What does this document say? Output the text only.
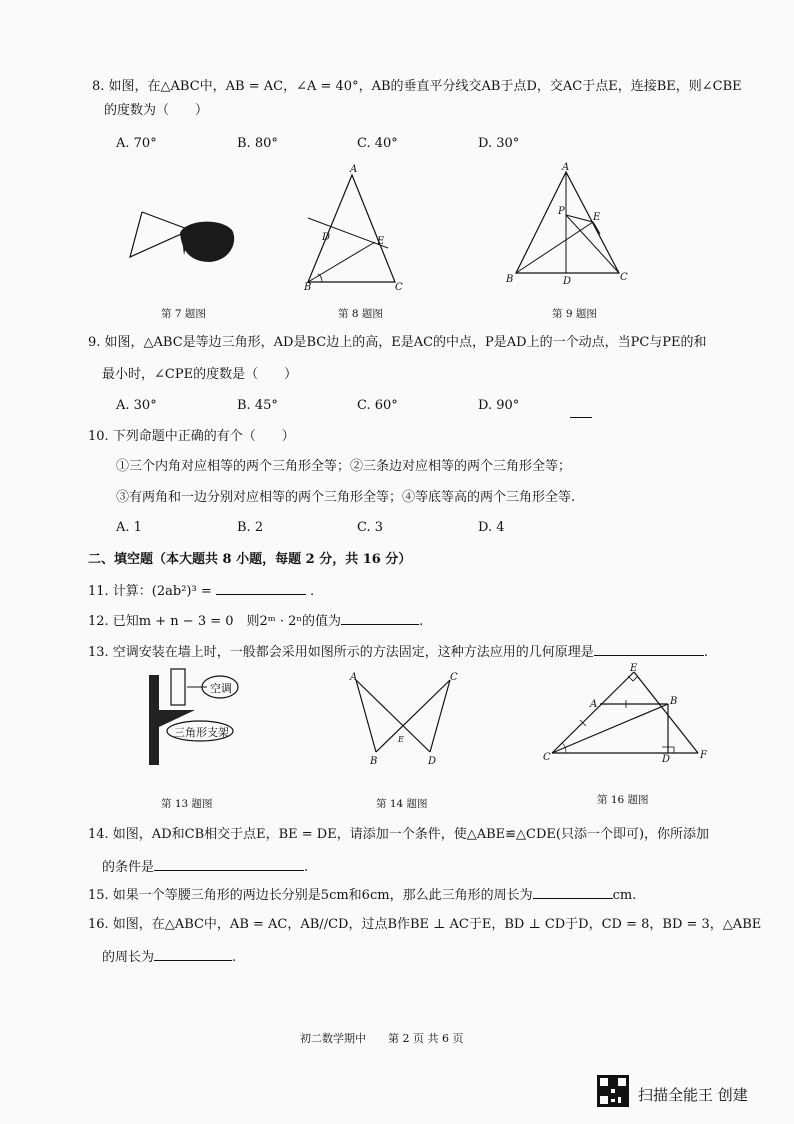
8. 如图，在△ABC中，AB = AC，∠A = 40°，AB的垂直平分线交AB于点D，交AC于点E，连接BE，则∠CBE
的度数为（　　）
A. 70°	B. 80°	C. 40°	D. 30°
第 7 题图
A
D	E
B	C
第 8 题图
A
P
E
B	D	C
第 9 题图
9. 如图，△ABC是等边三角形，AD是BC边上的高，E是AC的中点，P是AD上的一个动点，当PC与PE的和
最小时，∠CPE的度数是（　　）
A. 30°	B. 45°	C. 60°	D. 90°
10. 下列命题中正确的有个（　　）
①三个内角对应相等的两个三角形全等；②三条边对应相等的两个三角形全等；
③有两角和一边分别对应相等的两个三角形全等；④等底等高的两个三角形全等.
A. 1	B. 2	C. 3	D. 4
二、填空题（本大题共 8 小题，每题 2 分，共 16 分）
11. 计算：(2ab²)³ =	.
12. 已知m + n − 3 = 0　则2ᵐ · 2ⁿ的值为	.
13. 空调安装在墙上时，一般都会采用如图所示的方法固定，这种方法应用的几何原理是	.
空调
三角形支架
第 13 题图
A	C
E
B	D
第 14 题图
E
A	B
C	D	F
第 16 题图
14. 如图，AD和CB相交于点E，BE = DE，请添加一个条件，使△ABE≌△CDE(只添一个即可)，你所添加
的条件是	.
15. 如果一个等腰三角形的两边长分别是5cm和6cm，那么此三角形的周长为	cm.
16. 如图，在△ABC中，AB = AC，AB//CD，过点B作BE ⊥ AC于E，BD ⊥ CD于D，CD = 8，BD = 3，△ABE
的周长为	.
初二数学期中　　第 2 页 共 6 页
扫描全能王 创建
